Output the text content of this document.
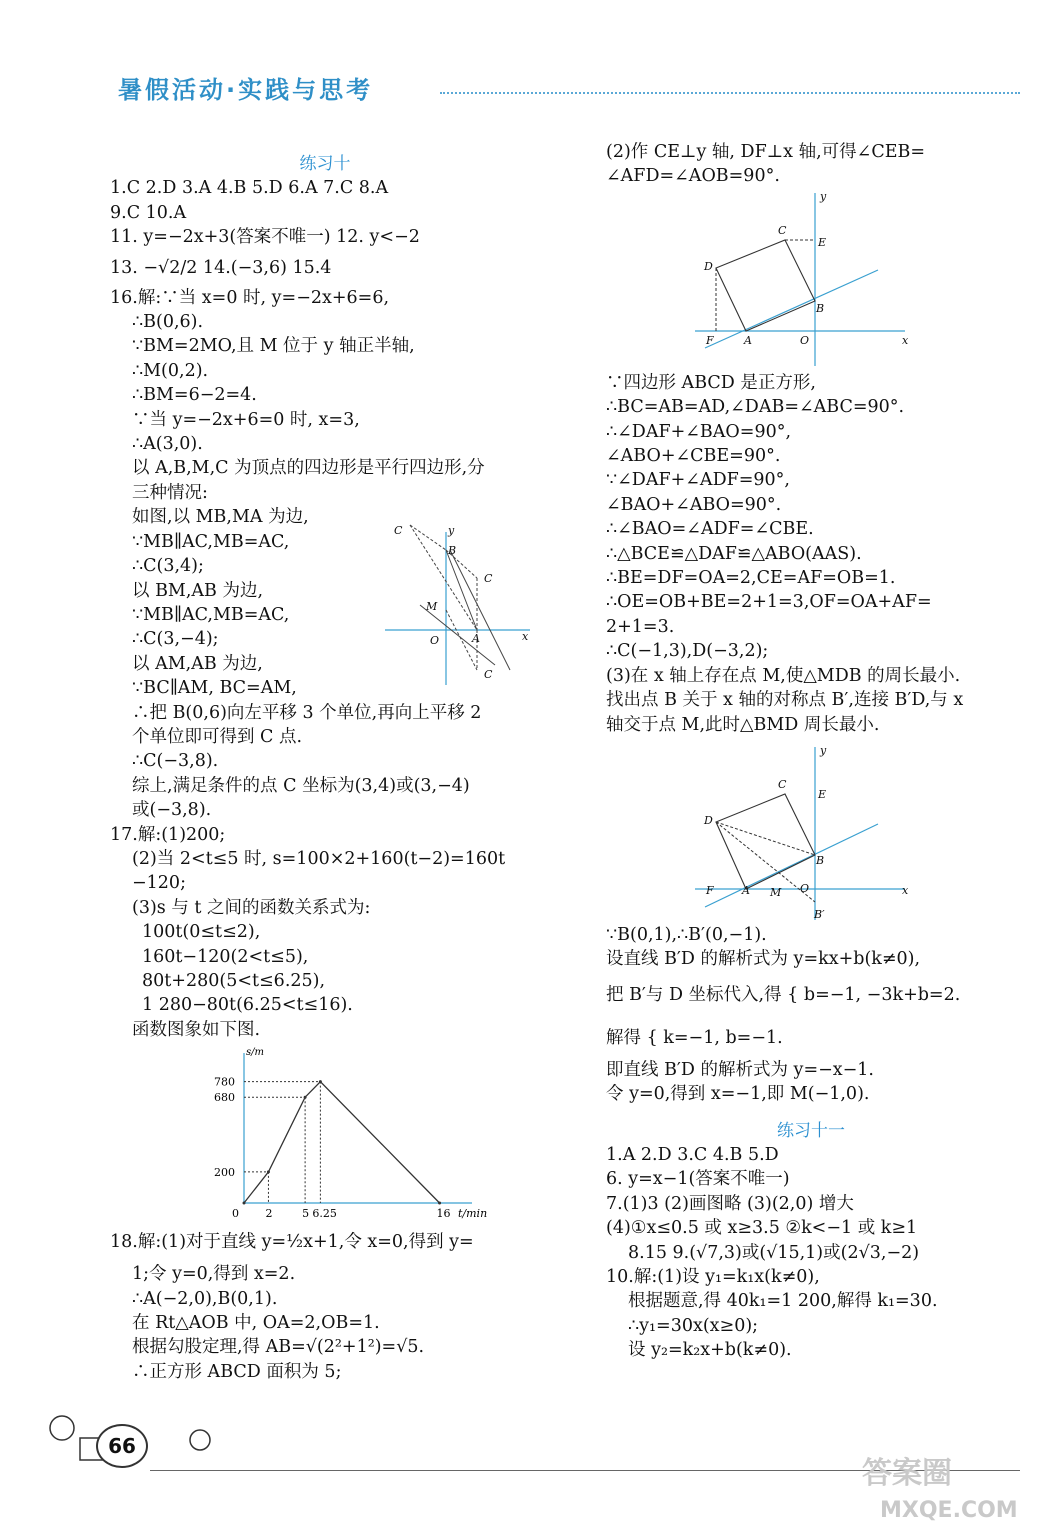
暑假活动·实践与思考
练习十
1.C 2.D 3.A 4.B 5.D 6.A 7.C 8.A
9.C 10.A
11. y=−2x+3(答案不唯一) 12. y<−2
13. −√2/2 14.(−3,6) 15.4
16.解:∵当 x=0 时, y=−2x+6=6,
∴B(0,6).
∵BM=2MO,且 M 位于 y 轴正半轴,
∴M(0,2).
∴BM=6−2=4.
∵当 y=−2x+6=0 时, x=3,
∴A(3,0).
以 A,B,M,C 为顶点的四边形是平行四边形,分
三种情况:
如图,以 MB,MA 为边,
∵MB∥AC,MB=AC,
∴C(3,4);
以 BM,AB 为边,
∵MB∥AC,MB=AC,
∴C(3,−4);
以 AM,AB 为边,
∵BC∥AM, BC=AM,
∴把 B(0,6)向左平移 3 个单位,再向上平移 2
个单位即可得到 C 点.
∴C(−3,8).
综上,满足条件的点 C 坐标为(3,4)或(3,−4)
或(−3,8).
17.解:(1)200;
(2)当 2<t≤5 时, s=100×2+160(t−2)=160t
−120;
(3)s 与 t 之间的函数关系式为:
100t(0≤t≤2),
160t−120(2<t≤5),
80t+280(5<t≤6.25),
1 280−80t(6.25<t≤16).
函数图象如下图.
18.解:(1)对于直线 y=½x+1,令 x=0,得到 y=
1;令 y=0,得到 x=2.
∴A(−2,0),B(0,1).
在 Rt△AOB 中, OA=2,OB=1.
根据勾股定理,得 AB=√(2²+1²)=√5.
∴正方形 ABCD 面积为 5;
(2)作 CE⊥y 轴, DF⊥x 轴,可得∠CEB=
∠AFD=∠AOB=90°.
∵四边形 ABCD 是正方形,
∴BC=AB=AD,∠DAB=∠ABC=90°.
∴∠DAF+∠BAO=90°,
∠ABO+∠CBE=90°.
∵∠DAF+∠ADF=90°,
∠BAO+∠ABO=90°.
∴∠BAO=∠ADF=∠CBE.
∴△BCE≌△DAF≌△ABO(AAS).
∴BE=DF=OA=2,CE=AF=OB=1.
∴OE=OB+BE=2+1=3,OF=OA+AF=
2+1=3.
∴C(−1,3),D(−3,2);
(3)在 x 轴上存在点 M,使△MDB 的周长最小.
找出点 B 关于 x 轴的对称点 B′,连接 B′D,与 x
轴交于点 M,此时△BMD 周长最小.
∵B(0,1),∴B′(0,−1).
设直线 B′D 的解析式为 y=kx+b(k≠0),
把 B′与 D 坐标代入,得 { b=−1, −3k+b=2.
解得 { k=−1, b=−1.
即直线 B′D 的解析式为 y=−x−1.
令 y=0,得到 x=−1,即 M(−1,0).
练习十一
1.A 2.D 3.C 4.B 5.D
6. y=x−1(答案不唯一)
7.(1)3 (2)画图略 (3)(2,0) 增大
(4)①x≤0.5 或 x≥3.5 ②k<−1 或 k≥1
8.15 9.(√7,3)或(√15,1)或(2√3,−2)
10.解:(1)设 y₁=k₁x(k≠0),
根据题意,得 40k₁=1 200,解得 k₁=30.
∴y₁=30x(x≥0);
设 y₂=k₂x+b(k≠0).
C	y
B
C
M
O	A	x
C
s/m
t/min
0
200
680
780
2	5 6.25	16
y
C
E
D
B
F	A	O	x
y
C
E
D
B
F	A M O	x
B′
66
答案圈
MXQE.COM
